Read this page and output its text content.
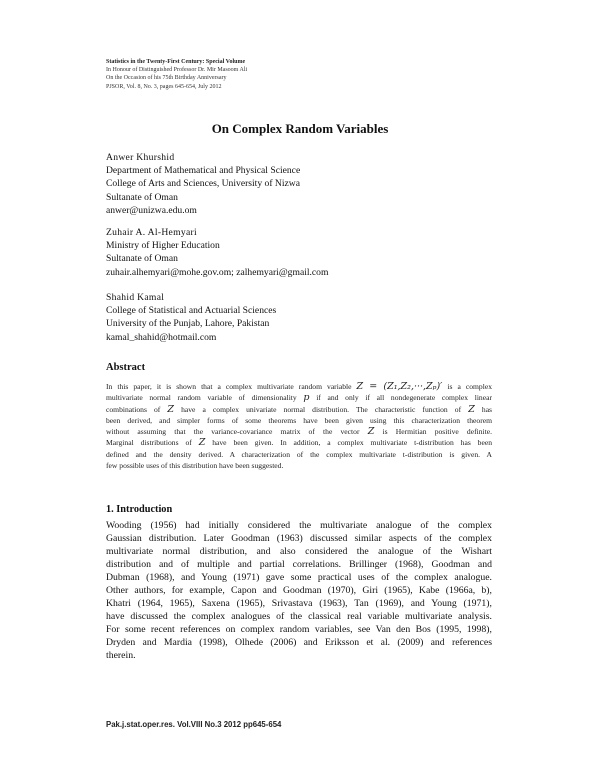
Statistics in the Twenty-First Century: Special Volume
In Honour of Distinguished Professor Dr. Mir Masoom Ali
On the Occasion of his 75th Birthday Anniversary
PJSOR, Vol. 8, No. 3, pages 645-654, July 2012
On Complex Random Variables
Anwer Khurshid
Department of Mathematical and Physical Science
College of Arts and Sciences, University of Nizwa
Sultanate of Oman
anwer@unizwa.edu.om
Zuhair A. Al-Hemyari
Ministry of Higher Education
Sultanate of Oman
zuhair.alhemyari@mohe.gov.om; zalhemyari@gmail.com
Shahid Kamal
College of Statistical and Actuarial Sciences
University of the Punjab, Lahore, Pakistan
kamal_shahid@hotmail.com
Abstract
In this paper, it is shown that a complex multivariate random variable Z = (Z₁,Z₂,···,Zₚ)′ is a complex
multivariate normal random variable of dimensionality p if and only if all nondegenerate complex linear
combinations of Z have a complex univariate normal distribution. The characteristic function of Z has
been derived, and simpler forms of some theorems have been given using this characterization theorem
without assuming that the variance-covariance matrix of the vector Z is Hermitian positive definite.
Marginal distributions of Z have been given. In addition, a complex multivariate t-distribution has been
defined and the density derived. A characterization of the complex multivariate t-distribution is given. A
few possible uses of this distribution have been suggested.
1. Introduction
Wooding (1956) had initially considered the multivariate analogue of the complex
Gaussian distribution. Later Goodman (1963) discussed similar aspects of the complex
multivariate normal distribution, and also considered the analogue of the Wishart
distribution and of multiple and partial correlations. Brillinger (1968), Goodman and
Dubman (1968), and Young (1971) gave some practical uses of the complex analogue.
Other authors, for example, Capon and Goodman (1970), Giri (1965), Kabe (1966a, b),
Khatri (1964, 1965), Saxena (1965), Srivastava (1963), Tan (1969), and Young (1971),
have discussed the complex analogues of the classical real variable multivariate analysis.
For some recent references on complex random variables, see Van den Bos (1995, 1998),
Dryden and Mardia (1998), Olhede (2006) and Eriksson et al. (2009) and references
therein.
Pak.j.stat.oper.res. Vol.VIII No.3 2012 pp645-654
